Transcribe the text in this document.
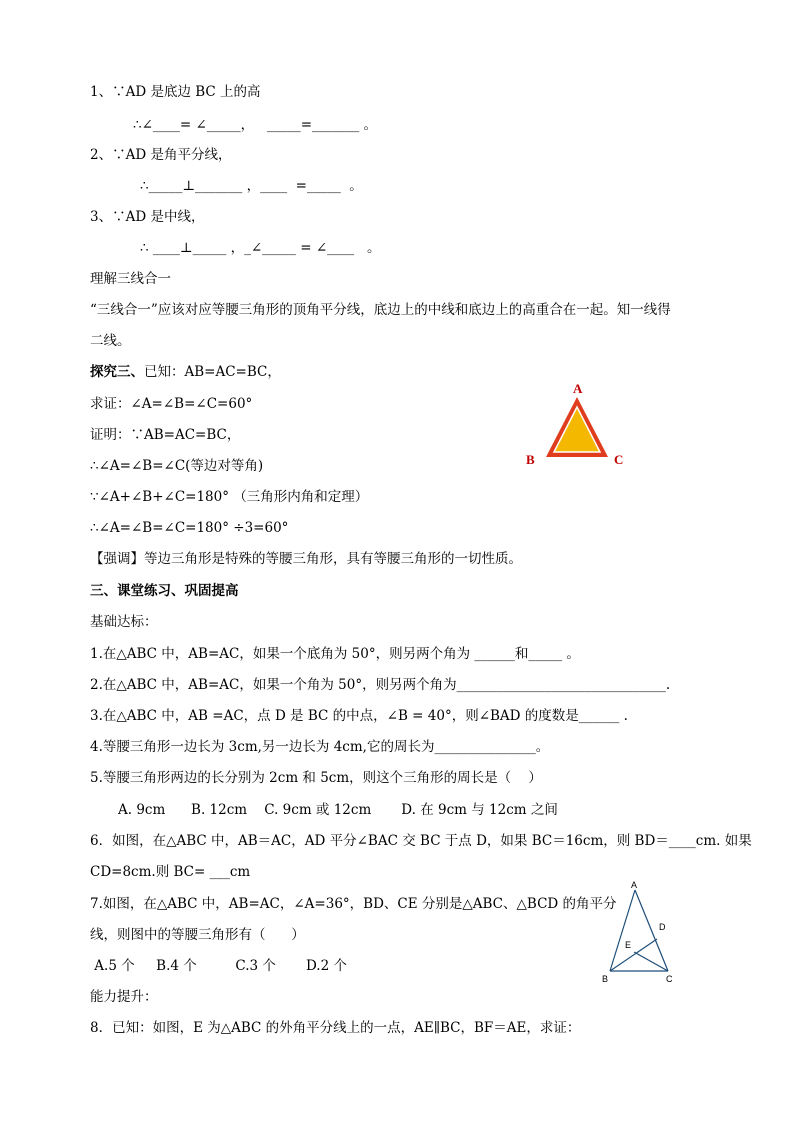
1、∵AD 是底边 BC 上的高
∴∠____= ∠_____，   _____=_______ 。
2、∵AD 是角平分线，
∴_____⊥_______ ，____  =_____  。
3、∵AD 是中线，
∴ ____⊥_____ ，_∠_____ = ∠____   。
理解三线合一
“三线合一”应该对应等腰三角形的顶角平分线，底边上的中线和底边上的高重合在一起。知一线得
二线。
探究三、已知：AB=AC=BC，
求证：∠A=∠B=∠C=60°
证明：∵AB=AC=BC，
∴∠A=∠B=∠C(等边对等角)
∵∠A+∠B+∠C=180° （三角形内角和定理）
∴∠A=∠B=∠C=180° ÷3=60°
【强调】等边三角形是特殊的等腰三角形，具有等腰三角形的一切性质。
三、课堂练习、巩固提高
基础达标：
1.在△ABC 中，AB=AC，如果一个底角为 50°，则另两个角为 ______和_____ 。
2.在△ABC 中，AB=AC，如果一个角为 50°，则另两个角为_______________________________.
3.在△ABC 中，AB =AC，点 D 是 BC 的中点，∠B = 40°，则∠BAD 的度数是______ .
4.等腰三角形一边长为 3cm,另一边长为 4cm,它的周长为_______________。
5.等腰三角形两边的长分别为 2cm 和 5cm，则这个三角形的周长是（    ）
A. 9cm      B. 12cm    C. 9cm 或 12cm       D. 在 9cm 与 12cm 之间
6．如图，在△ABC 中，AB＝AC，AD 平分∠BAC 交 BC 于点 D，如果 BC＝16cm，则 BD＝____cm. 如果
CD=8cm.则 BC= ___cm
7.如图，在△ABC 中，AB=AC，∠A=36°，BD、CE 分别是△ABC、△BCD 的角平分
线，则图中的等腰三角形有（      ）
A.5 个     B.4 个         C.3 个       D.2 个
能力提升：
8．已知：如图，E 为△ABC 的外角平分线上的一点，AE∥BC，BF＝AE，求证：
A
B	C
A
B	C
D
E
